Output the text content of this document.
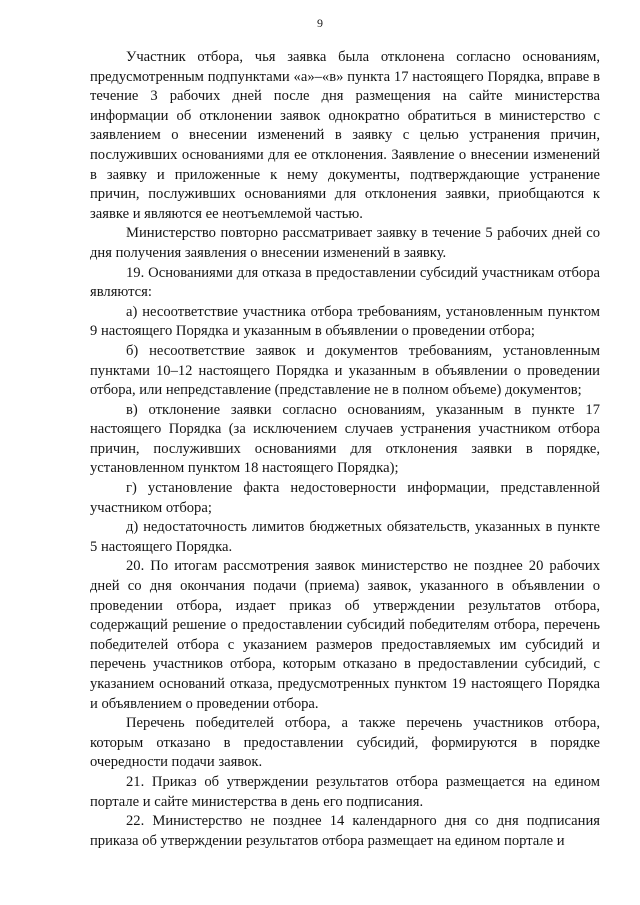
9

Участник отбора, чья заявка была отклонена согласно основаниям, предусмотренным подпунктами «а»–«в» пункта 17 настоящего Порядка, вправе в течение 3 рабочих дней после дня размещения на сайте министерства информации об отклонении заявок однократно обратиться в министерство с заявлением о внесении изменений в заявку с целью устранения причин, послуживших основаниями для ее отклонения. Заявление о внесении изменений в заявку и приложенные к нему документы, подтверждающие устранение причин, послуживших основаниями для отклонения заявки, приобщаются к заявке и являются ее неотъемлемой частью.

Министерство повторно рассматривает заявку в течение 5 рабочих дней со дня получения заявления о внесении изменений в заявку.

19. Основаниями для отказа в предоставлении субсидий участникам отбора являются:

а) несоответствие участника отбора требованиям, установленным пунктом 9 настоящего Порядка и указанным в объявлении о проведении отбора;

б) несоответствие заявок и документов требованиям, установленным пунктами 10–12 настоящего Порядка и указанным в объявлении о проведении отбора, или непредставление (представление не в полном объеме) документов;

в) отклонение заявки согласно основаниям, указанным в пункте 17 настоящего Порядка (за исключением случаев устранения участником отбора причин, послуживших основаниями для отклонения заявки в порядке, установленном пунктом 18 настоящего Порядка);

г) установление факта недостоверности информации, представленной участником отбора;

д) недостаточность лимитов бюджетных обязательств, указанных в пункте 5 настоящего Порядка.

20. По итогам рассмотрения заявок министерство не позднее 20 рабочих дней со дня окончания подачи (приема) заявок, указанного в объявлении о проведении отбора, издает приказ об утверждении результатов отбора, содержащий решение о предоставлении субсидий победителям отбора, перечень победителей отбора с указанием размеров предоставляемых им субсидий и перечень участников отбора, которым отказано в предоставлении субсидий, с указанием оснований отказа, предусмотренных пунктом 19 настоящего Порядка и объявлением о проведении отбора.

Перечень победителей отбора, а также перечень участников отбора, которым отказано в предоставлении субсидий, формируются в порядке очередности подачи заявок.

21. Приказ об утверждении результатов отбора размещается на едином портале и сайте министерства в день его подписания.

22. Министерство не позднее 14 календарного дня со дня подписания приказа об утверждении результатов отбора размещает на едином портале и
